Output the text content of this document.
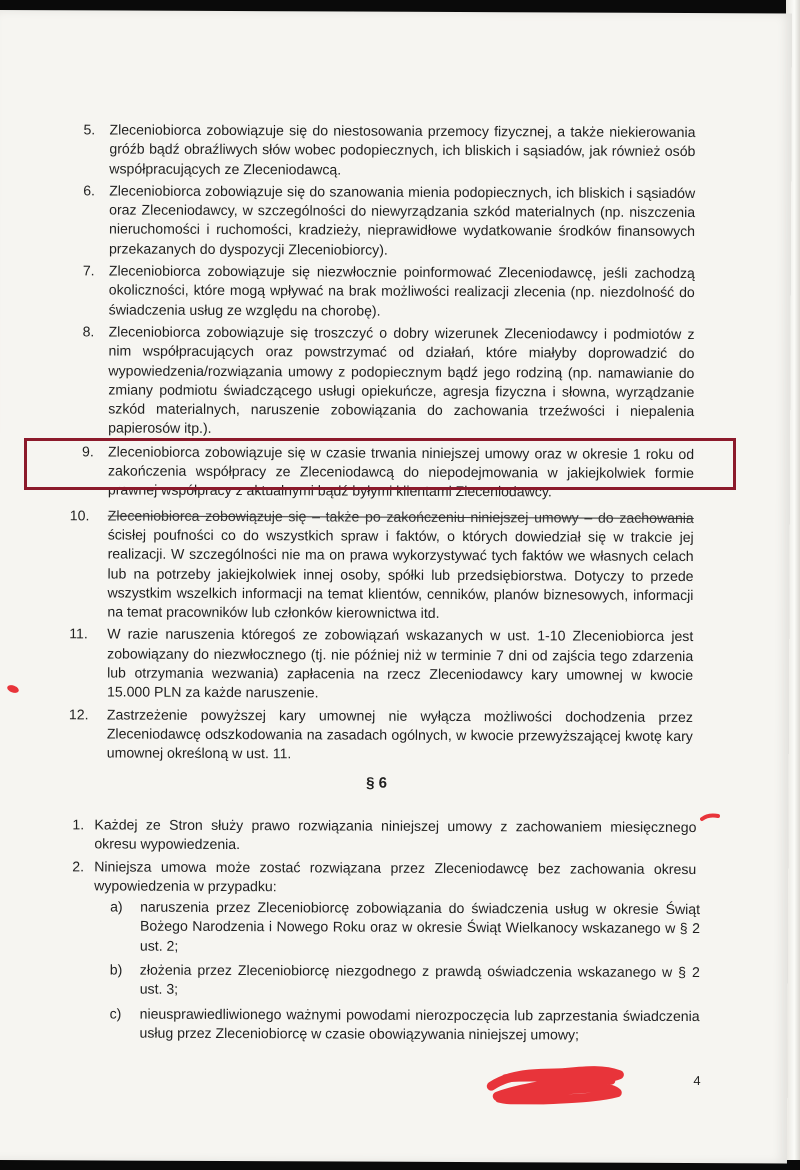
5.	Zleceniobiorca zobowiązuje się do niestosowania przemocy fizycznej, a także niekierowania gróźb bądź obraźliwych słów wobec podopiecznych, ich bliskich i sąsiadów, jak również osób współpracujących ze Zleceniodawcą.
6.	Zleceniobiorca zobowiązuje się do szanowania mienia podopiecznych, ich bliskich i sąsiadów oraz Zleceniodawcy, w szczególności do niewyrządzania szkód materialnych (np. niszczenia nieruchomości i ruchomości, kradzieży, nieprawidłowe wydatkowanie środków finansowych przekazanych do dyspozycji Zleceniobiorcy).
7.	Zleceniobiorca zobowiązuje się niezwłocznie poinformować Zleceniodawcę, jeśli zachodzą okoliczności, które mogą wpływać na brak możliwości realizacji zlecenia (np. niezdolność do świadczenia usług ze względu na chorobę).
8.	Zleceniobiorca zobowiązuje się troszczyć o dobry wizerunek Zleceniodawcy i podmiotów z nim współpracujących oraz powstrzymać od działań, które miałyby doprowadzić do wypowiedzenia/rozwiązania umowy z podopiecznym bądź jego rodziną (np. namawianie do zmiany podmiotu świadczącego usługi opiekuńcze, agresja fizyczna i słowna, wyrządzanie szkód materialnych, naruszenie zobowiązania do zachowania trzeźwości i niepalenia papierosów itp.).
9.	Zleceniobiorca zobowiązuje się w czasie trwania niniejszej umowy oraz w okresie 1 roku od zakończenia współpracy ze Zleceniodawcą do niepodejmowania w jakiejkolwiek formie prawnej współpracy z aktualnymi bądź byłymi klientami Zleceniodawcy.
10. Zleceniobiorca zobowiązuje się – także po zakończeniu niniejszej umowy – do zachowania ścisłej poufności co do wszystkich spraw i faktów, o których dowiedział się w trakcie jej realizacji. W szczególności nie ma on prawa wykorzystywać tych faktów we własnych celach lub na potrzeby jakiejkolwiek innej osoby, spółki lub przedsiębiorstwa. Dotyczy to przede wszystkim wszelkich informacji na temat klientów, cenników, planów biznesowych, informacji na temat pracowników lub członków kierownictwa itd.
11. W razie naruszenia któregoś ze zobowiązań wskazanych w ust. 1-10 Zleceniobiorca jest zobowiązany do niezwłocznego (tj. nie później niż w terminie 7 dni od zajścia tego zdarzenia lub otrzymania wezwania) zapłacenia na rzecz Zleceniodawcy kary umownej w kwocie 15.000 PLN za każde naruszenie.
12. Zastrzeżenie powyższej kary umownej nie wyłącza możliwości dochodzenia przez Zleceniodawcę odszkodowania na zasadach ogólnych, w kwocie przewyższającej kwotę kary umownej określoną w ust. 11.
§ 6
1. Każdej ze Stron służy prawo rozwiązania niniejszej umowy z zachowaniem miesięcznego okresu wypowiedzenia.
2. Niniejsza umowa może zostać rozwiązana przez Zleceniodawcę bez zachowania okresu wypowiedzenia w przypadku:
a) naruszenia przez Zleceniobiorcę zobowiązania do świadczenia usług w okresie Świąt Bożego Narodzenia i Nowego Roku oraz w okresie Świąt Wielkanocy wskazanego w § 2 ust. 2;
b) złożenia przez Zleceniobiorcę niezgodnego z prawdą oświadczenia wskazanego w § 2 ust. 3;
c) nieusprawiedliwionego ważnymi powodami nierozpoczęcia lub zaprzestania świadczenia usług przez Zleceniobiorcę w czasie obowiązywania niniejszej umowy;
4
